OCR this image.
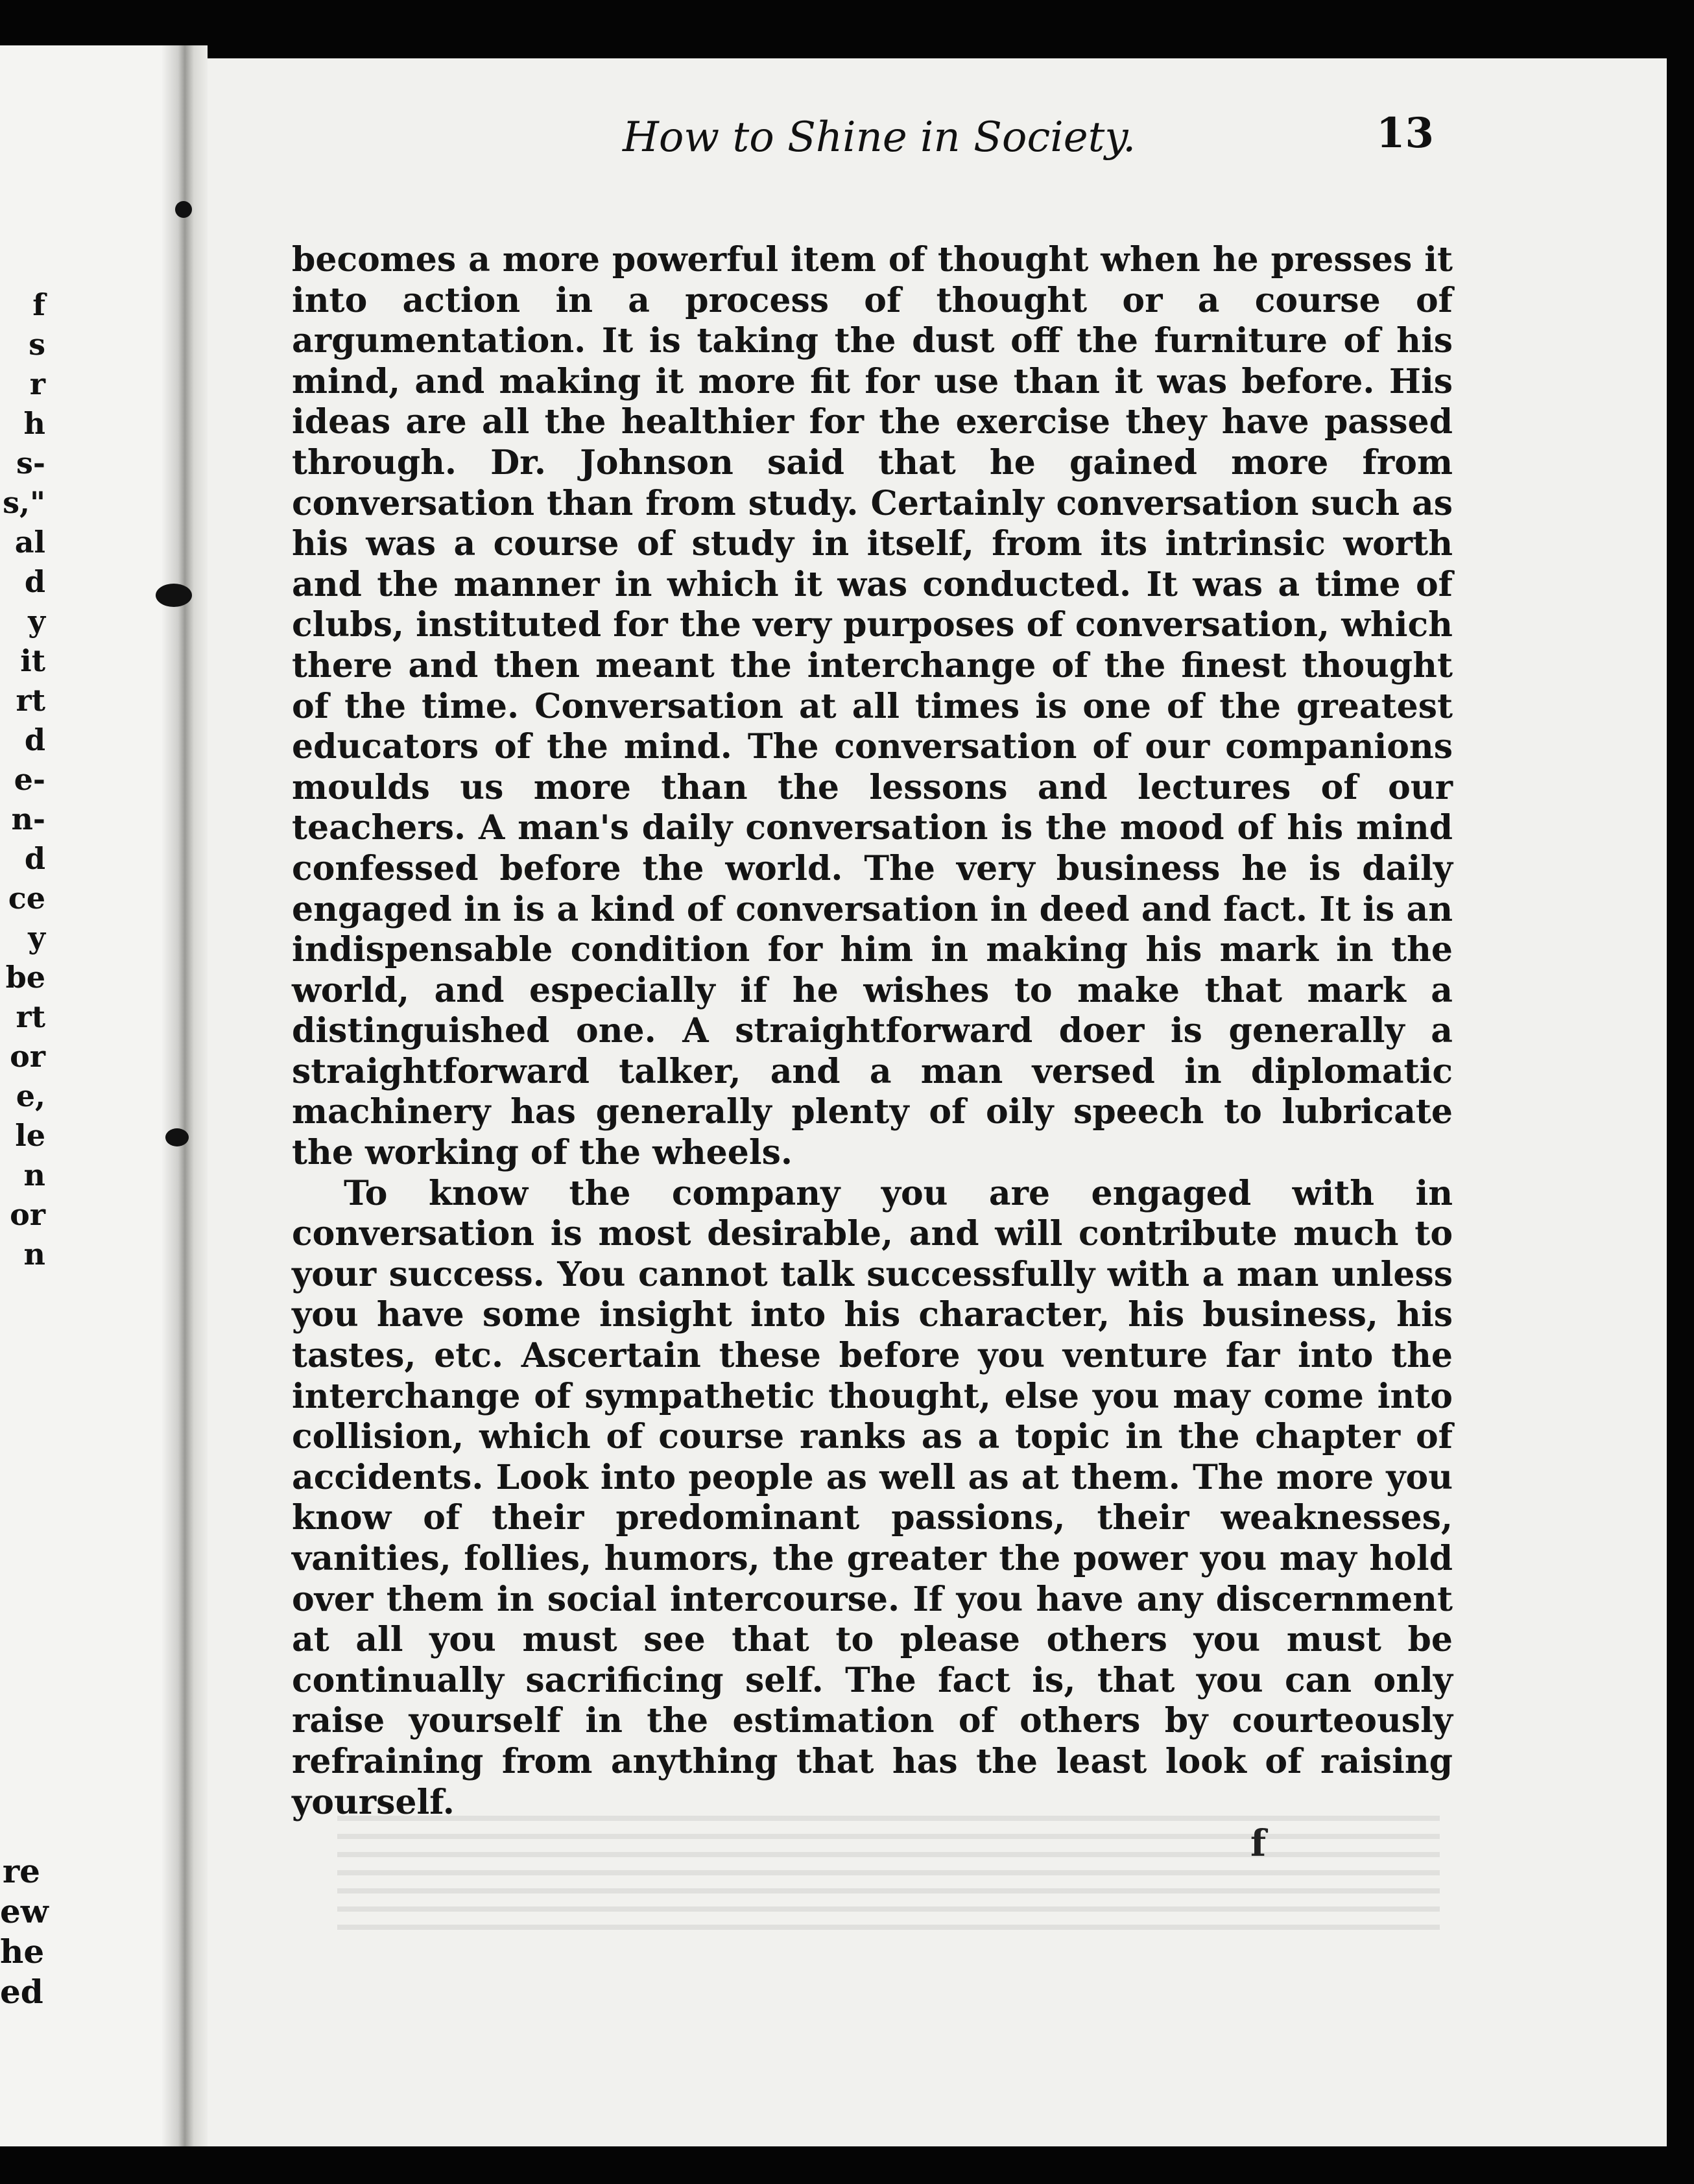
f
s
r
h
s-
s,"
al
d
y
it
rt
d
e-
n-
d
ce
y
be
rt
or
e,
le
n
or
n
re
ew
he
ed
How to Shine in Society.	13

becomes a more powerful item of thought when he presses it into action in a process of thought or a course of argumentation. It is taking the dust off the furniture of his mind, and making it more fit for use than it was before. His ideas are all the healthier for the exercise they have passed through. Dr. Johnson said that he gained more from conversation than from study. Certainly conversation such as his was a course of study in itself, from its intrinsic worth and the manner in which it was conducted. It was a time of clubs, instituted for the very purposes of conversation, which there and then meant the interchange of the finest thought of the time. Conversation at all times is one of the greatest educators of the mind. The conversation of our companions moulds us more than the lessons and lectures of our teachers. A man's daily conversation is the mood of his mind confessed before the world. The very business he is daily engaged in is a kind of conversation in deed and fact. It is an indispensable condition for him in making his mark in the world, and especially if he wishes to make that mark a distinguished one. A straightforward doer is generally a straightforward talker, and a man versed in diplomatic machinery has generally plenty of oily speech to lubricate the working of the wheels.

To know the company you are engaged with in conversation is most desirable, and will contribute much to your success. You cannot talk successfully with a man unless you have some insight into his character, his business, his tastes, etc. Ascertain these before you venture far into the interchange of sympathetic thought, else you may come into collision, which of course ranks as a topic in the chapter of accidents. Look into people as well as at them. The more you know of their predominant passions, their weaknesses, vanities, follies, humors, the greater the power you may hold over them in social intercourse. If you have any discernment at all you must see that to please others you must be continually sacrificing self. The fact is, that you can only raise yourself in the estimation of others by courteously refraining from anything that has the least look of raising yourself.

f
